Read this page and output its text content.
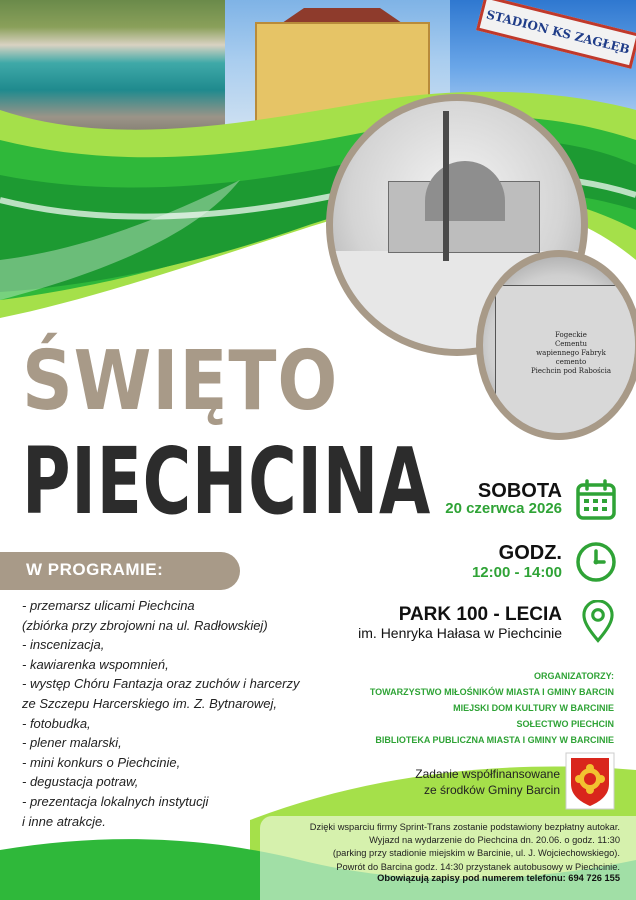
STADION KS ZAGŁĘB
Fogeckie
Cementu
wapiennego Fabryk cemento
Piechcin pod Rabościa
ŚWIĘTO
PIECHCINA SOBOTA
20 czerwca 2026
GODZ.
12:00 - 14:00
PARK 100 - LECIA
im. Henryka Hałasa w Piechcinie
W PROGRAMIE:
- przemarsz ulicami Piechcina
(zbiórka przy zbrojowni na ul. Radłowskiej)
- inscenizacja,
- kawiarenka wspomnień,
- występ Chóru Fantazja oraz zuchów i harcerzy
ze Szczepu Harcerskiego im. Z. Bytnarowej,
- fotobudka,
- plener malarski,
- mini konkurs o Piechcinie,
- degustacja potraw,
- prezentacja lokalnych instytucji
i inne atrakcje.
ORGANIZATORZY:
TOWARZYSTWO MIŁOŚNIKÓW MIASTA I GMINY BARCIN
MIEJSKI DOM KULTURY W BARCINIE
SOŁECTWO PIECHCIN
BIBLIOTEKA PUBLICZNA MIASTA I GMINY W BARCINIE
Zadanie współfinansowane
ze środków Gminy Barcin
Dzięki wsparciu firmy Sprint-Trans zostanie podstawiony bezpłatny autokar.
Wyjazd na wydarzenie do Piechcina dn. 20.06. o godz. 11:30
(parking przy stadionie miejskim w Barcinie, ul. J. Wojciechowskiego).
Powrót do Barcina godz. 14:30 przystanek autobusowy w Piechcinie.
Obowiązują zapisy pod numerem telefonu: 694 726 155
